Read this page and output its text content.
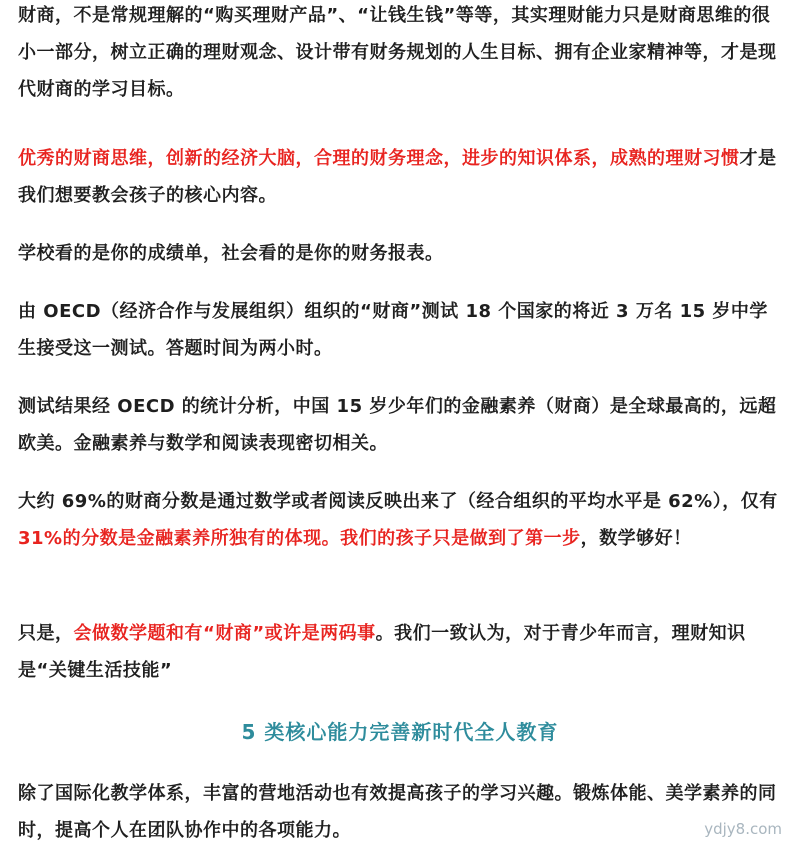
财商，不是常规理解的“购买理财产品”、“让钱生钱”等等，其实理财能力只是财商思维的很小一部分，树立正确的理财观念、设计带有财务规划的人生目标、拥有企业家精神等，才是现代财商的学习目标。

优秀的财商思维，创新的经济大脑，合理的财务理念，进步的知识体系，成熟的理财习惯才是我们想要教会孩子的核心内容。

学校看的是你的成绩单，社会看的是你的财务报表。

由 OECD（经济合作与发展组织）组织的“财商”测试 18 个国家的将近 3 万名 15 岁中学生接受这一测试。答题时间为两小时。

测试结果经 OECD 的统计分析，中国 15 岁少年们的金融素养（财商）是全球最高的，远超欧美。金融素养与数学和阅读表现密切相关。

大约 69%的财商分数是通过数学或者阅读反映出来了（经合组织的平均水平是 62%），仅有 31%的分数是金融素养所独有的体现。我们的孩子只是做到了第一步，数学够好！

只是，会做数学题和有“财商”或许是两码事。我们一致认为，对于青少年而言，理财知识是“关键生活技能”

除了国际化教学体系，丰富的营地活动也有效提高孩子的学习兴趣。锻炼体能、美学素养的同时，提高个人在团队协作中的各项能力。

5 类核心能力完善新时代全人教育
ydjy8.com
